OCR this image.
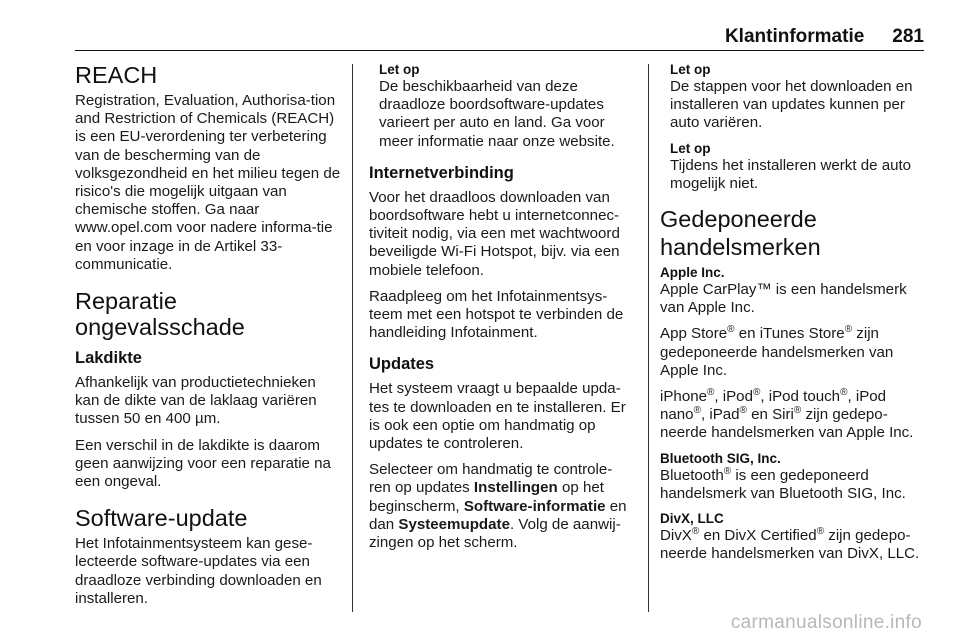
Klantinformatie 281
REACH

Registration, Evaluation, Authorisa-tion and Restriction of Chemicals (REACH) is een EU-verordening ter verbetering van de bescherming van de volksgezondheid en het milieu tegen de risico's die mogelijk uitgaan van chemische stoffen. Ga naar www.opel.com voor nadere informa-tie en voor inzage in de Artikel 33-communicatie.

Reparatie ongevalsschade
Lakdikte

Afhankelijk van productietechnieken kan de dikte van de laklaag variëren tussen 50 en 400 µm.

Een verschil in de lakdikte is daarom geen aanwijzing voor een reparatie na een ongeval.

Software-update

Het Infotainmentsysteem kan gese-lecteerde software-updates via een draadloze verbinding downloaden en installeren.

Let op
De beschikbaarheid van deze draadloze boordsoftware-updates varieert per auto en land. Ga voor meer informatie naar onze website.
Internetverbinding

Voor het draadloos downloaden van boordsoftware hebt u internetconnec-tiviteit nodig, via een met wachtwoord beveiligde Wi-Fi Hotspot, bijv. via een mobiele telefoon.

Raadpleeg om het Infotainmentsys-teem met een hotspot te verbinden de handleiding Infotainment.

Updates

Het systeem vraagt u bepaalde upda-tes te downloaden en te installeren. Er is ook een optie om handmatig op updates te controleren.

Selecteer om handmatig te controle-ren op updates Instellingen op het beginscherm, Software-informatie en dan Systeemupdate. Volg de aanwij-zingen op het scherm.

Let op
De stappen voor het downloaden en installeren van updates kunnen per auto variëren.
Let op
Tijdens het installeren werkt de auto mogelijk niet.
Gedeponeerde handelsmerken
Apple Inc.

Apple CarPlay™ is een handelsmerk van Apple Inc.

App Store® en iTunes Store® zijn gedeponeerde handelsmerken van Apple Inc.

iPhone®, iPod®, iPod touch®, iPod nano®, iPad® en Siri® zijn gedepo-neerde handelsmerken van Apple Inc.

Bluetooth SIG, Inc.

Bluetooth® is een gedeponeerd handelsmerk van Bluetooth SIG, Inc.

DivX, LLC

DivX® en DivX Certified® zijn gedepo-neerde handelsmerken van DivX, LLC.

carmanualsonline.info
